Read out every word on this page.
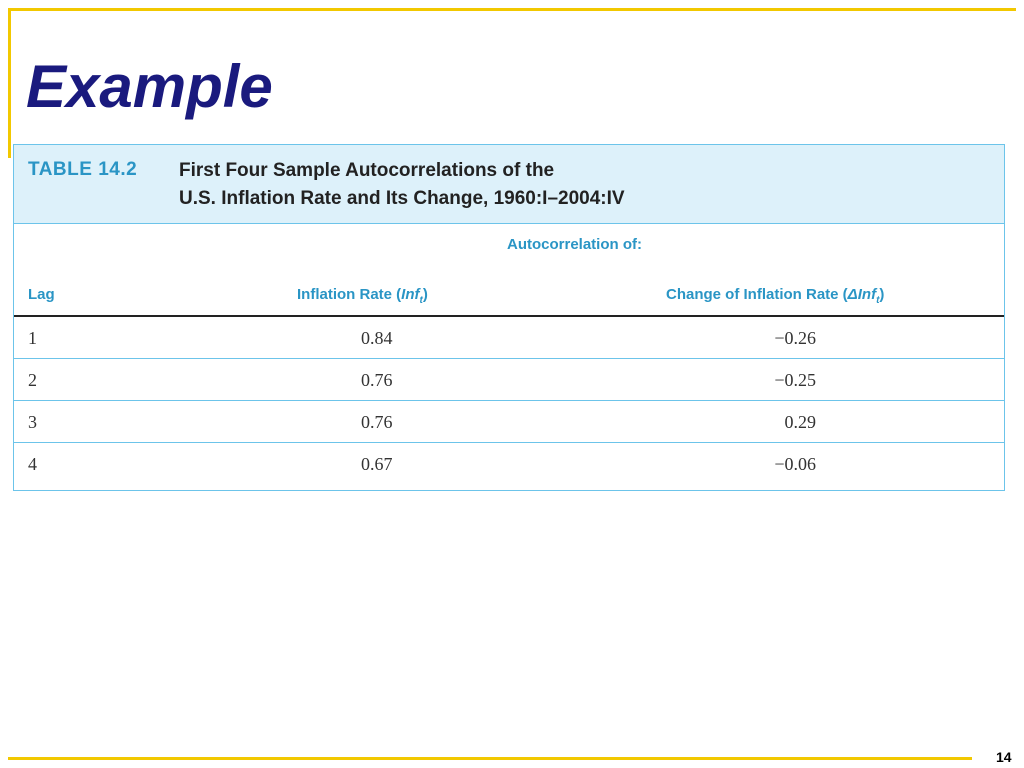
Example
TABLE 14.2 First Four Sample Autocorrelations of the
U.S. Inflation Rate and Its Change, 1960:I–2004:IV

Autocorrelation of:
Lag	Inflation Rate (Inf$_t$)	Change of Inflation Rate (ΔInf$_t$)
1	0.84	−0.26
2	0.76	−0.25
3	0.76	0.29
4	0.67	−0.06
14
